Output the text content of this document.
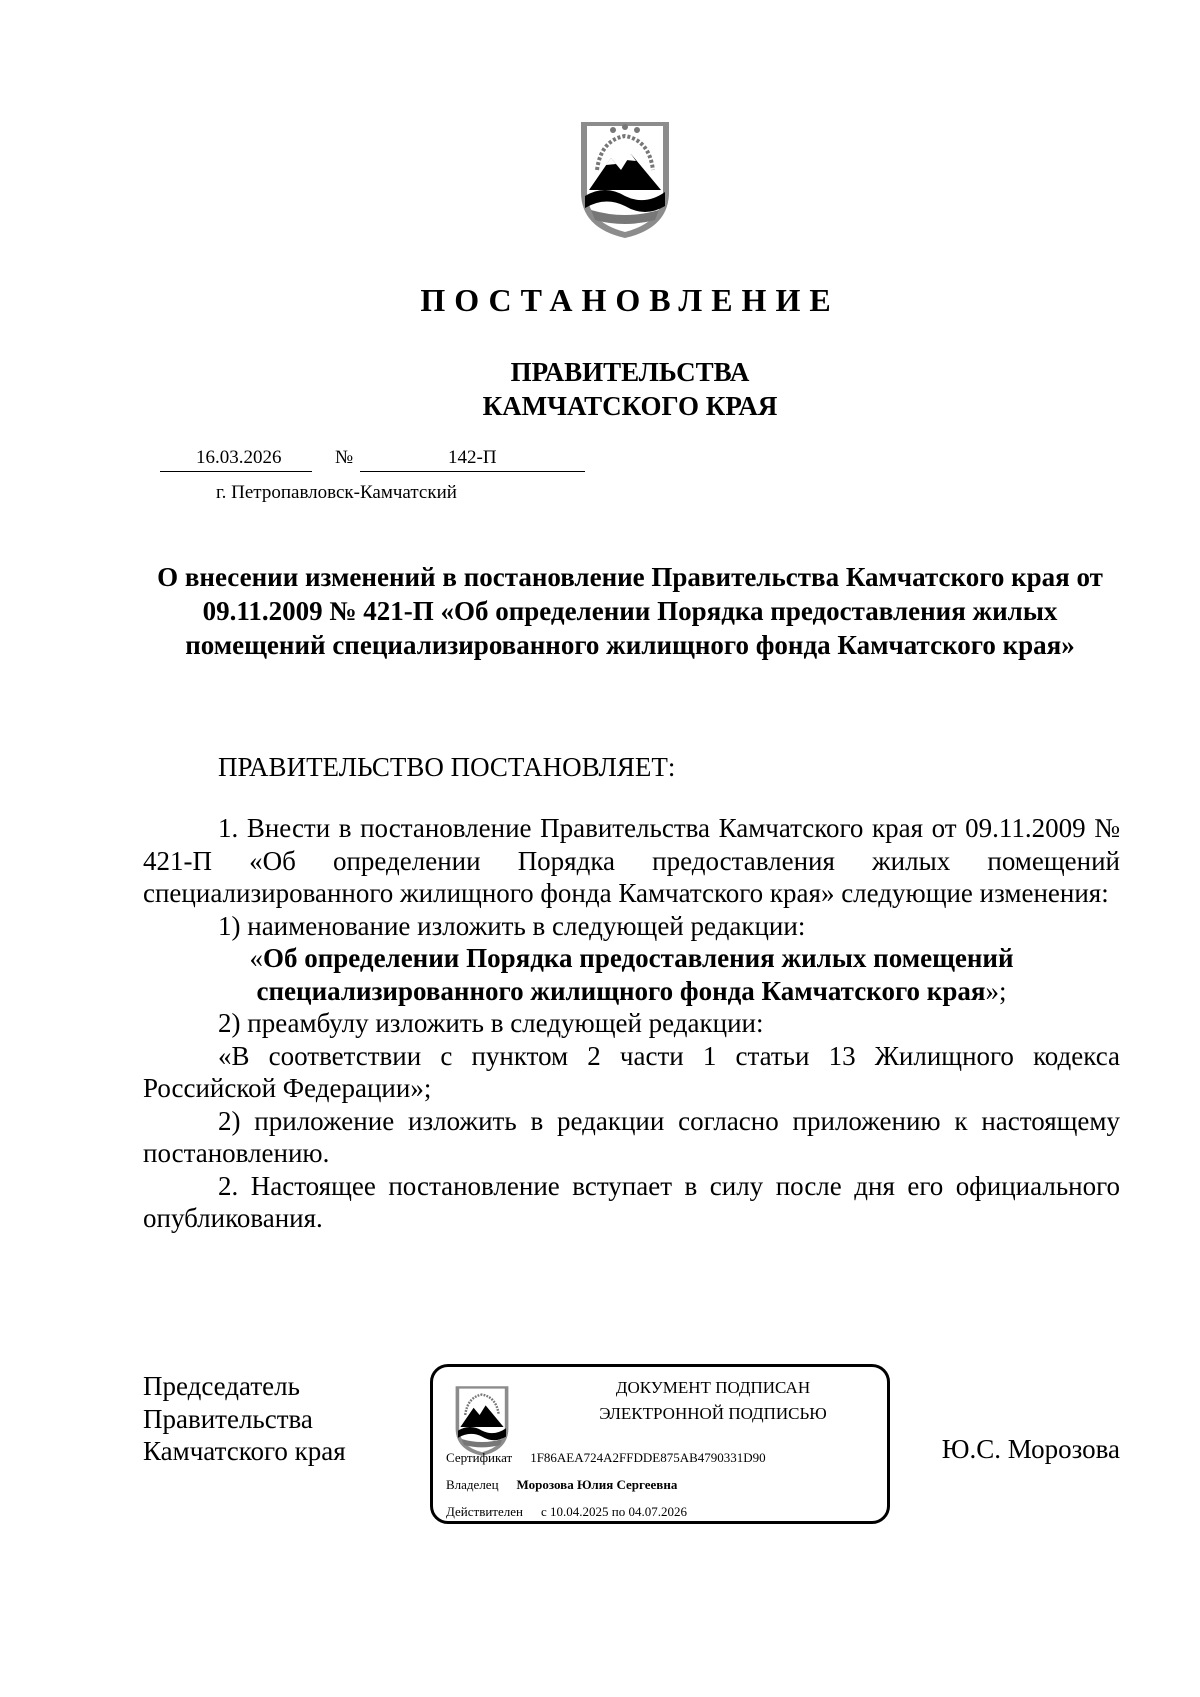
ПОСТАНОВЛЕНИЕ
ПРАВИТЕЛЬСТВА
КАМЧАТСКОГО КРАЯ
16.03.2026	№	142-П
г. Петропавловск-Камчатский
О внесении изменений в постановление Правительства Камчатского края от 09.11.2009 № 421-П «Об определении Порядка предоставления жилых помещений специализированного жилищного фонда Камчатского края»
ПРАВИТЕЛЬСТВО ПОСТАНОВЛЯЕТ:

1. Внести в постановление Правительства Камчатского края от 09.11.2009 № 421-П «Об определении Порядка предоставления жилых помещений специализированного жилищного фонда Камчатского края» следующие изменения:

1) наименование изложить в следующей редакции:

«Об определении Порядка предоставления жилых помещений специализированного жилищного фонда Камчатского края»;

2) преамбулу изложить в следующей редакции:

«В соответствии с пунктом 2 части 1 статьи 13 Жилищного кодекса Российской Федерации»;

2) приложение изложить в редакции согласно приложению к настоящему постановлению.

2. Настоящее постановление вступает в силу после дня его официального опубликования.

Председатель
Правительства
Камчатского края
ДОКУМЕНТ ПОДПИСАН
ЭЛЕКТРОННОЙ ПОДПИСЬЮ
Сертификат 1F86AEA724A2FFDDE875AB4790331D90
Владелец Морозова Юлия Сергеевна
Действителен с 10.04.2025 по 04.07.2026
Ю.С. Морозова
